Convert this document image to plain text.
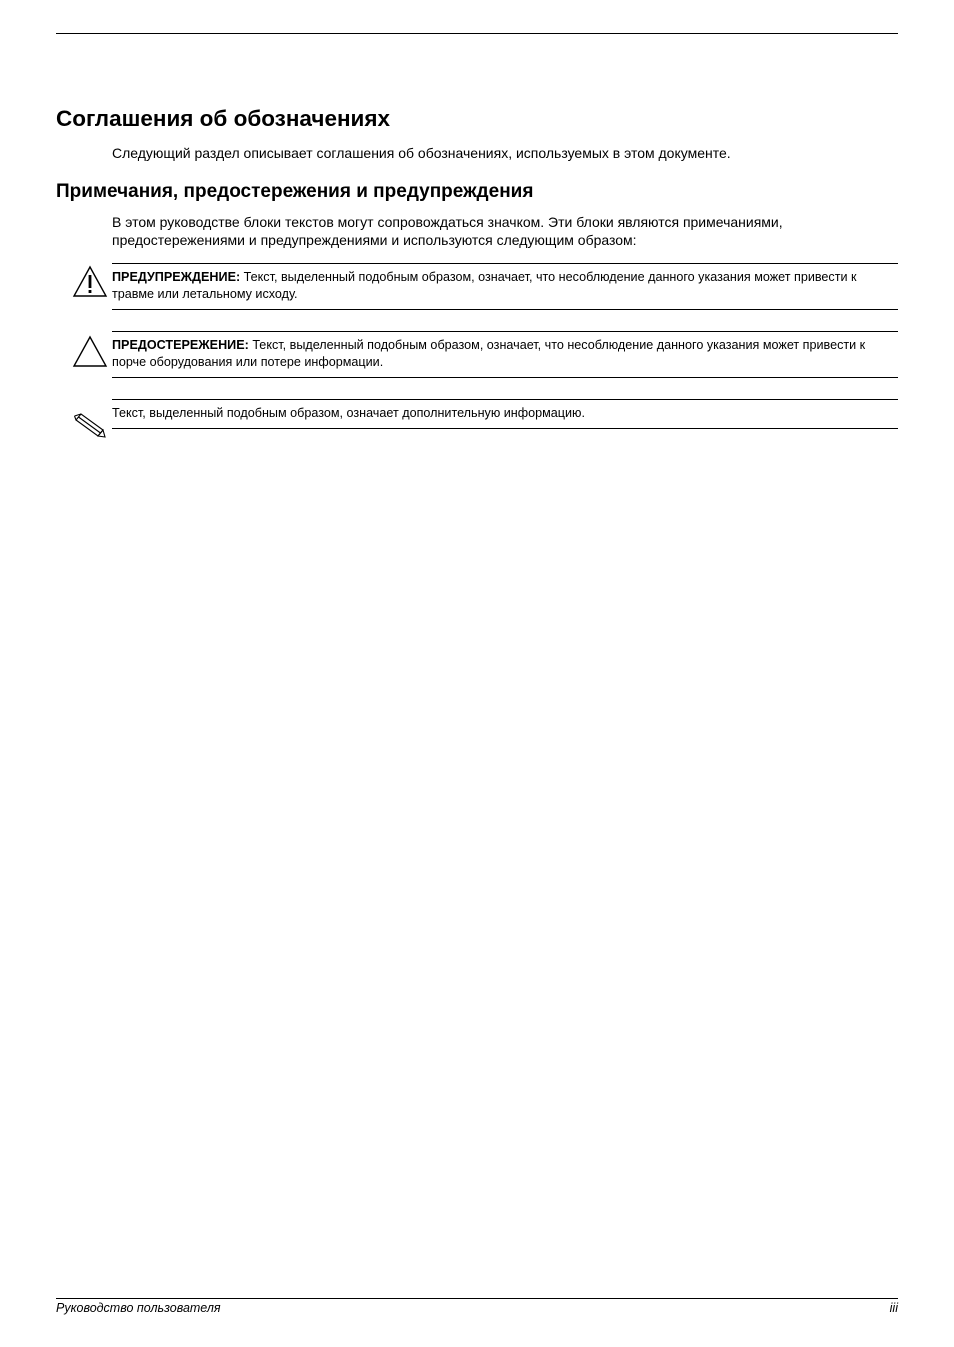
Соглашения об обозначениях

Следующий раздел описывает соглашения об обозначениях, используемых в этом документе.

Примечания, предостережения и предупреждения

В этом руководстве блоки текстов могут сопровождаться значком. Эти блоки являются примечаниями, предостережениями и предупреждениями и используются следующим образом:

ПРЕДУПРЕЖДЕНИЕ: Текст, выделенный подобным образом, означает, что несоблюдение данного указания может привести к травме или летальному исходу.

ПРЕДОСТЕРЕЖЕНИЕ: Текст, выделенный подобным образом, означает, что несоблюдение данного указания может привести к порче оборудования или потере информации.

Текст, выделенный подобным образом, означает дополнительную информацию.

Руководство пользователя	iii
